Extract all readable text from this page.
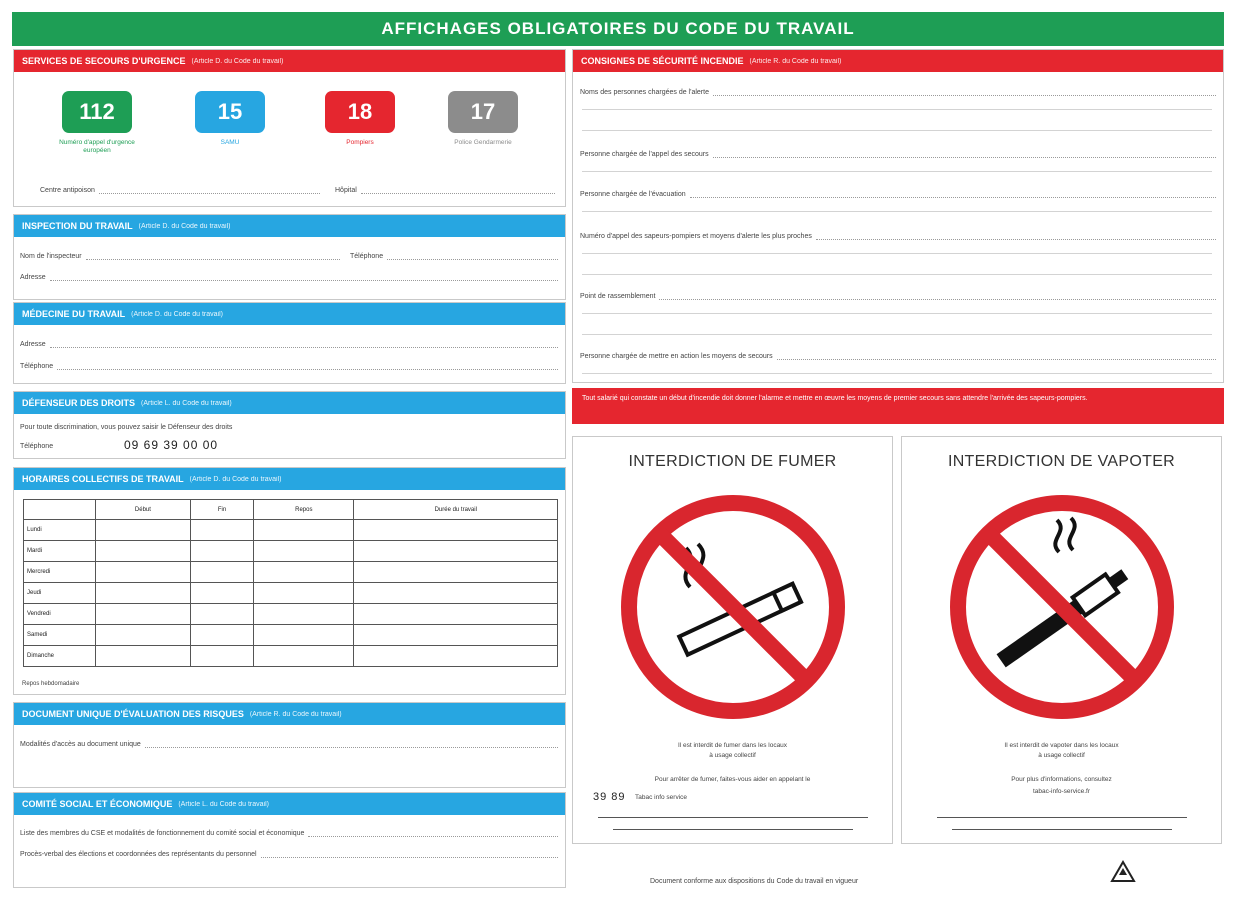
AFFICHAGES OBLIGATOIRES DU CODE DU TRAVAIL
SERVICES DE SECOURS D'URGENCE (Article D. du Code du travail)
112
Numéro d'appel d'urgence européen
15
SAMU
18
Pompiers
17
Police Gendarmerie
Centre antipoison	Hôpital
INSPECTION DU TRAVAIL (Article D. du Code du travail)
Nom de l'inspecteur	Téléphone
Adresse
MÉDECINE DU TRAVAIL (Article D. du Code du travail)
Adresse
Téléphone
DÉFENSEUR DES DROITS (Article L. du Code du travail)
Pour toute discrimination, vous pouvez saisir le Défenseur des droits
Téléphone	09 69 39 00 00
HORAIRES COLLECTIFS DE TRAVAIL (Article D. du Code du travail)
	Début	Fin	Repos	Durée du travail
Lundi				
Mardi				
Mercredi				
Jeudi				
Vendredi				
Samedi				
Dimanche				
Repos hebdomadaire
DOCUMENT UNIQUE D'ÉVALUATION DES RISQUES (Article R. du Code du travail)
Modalités d'accès au document unique
COMITÉ SOCIAL ET ÉCONOMIQUE (Article L. du Code du travail)
Liste des membres du CSE et modalités de fonctionnement du comité social et économique
Procès-verbal des élections et coordonnées des représentants du personnel
CONSIGNES DE SÉCURITÉ INCENDIE (Article R. du Code du travail)
Noms des personnes chargées de l'alerte
Personne chargée de l'appel des secours
Personne chargée de l'évacuation
Numéro d'appel des sapeurs-pompiers et moyens d'alerte les plus proches
Point de rassemblement
Personne chargée de mettre en action les moyens de secours
Tout salarié qui constate un début d'incendie doit donner l'alarme et mettre en œuvre les moyens de premier secours sans attendre l'arrivée des sapeurs-pompiers.
INTERDICTION DE FUMER
Il est interdit de fumer dans les locaux
à usage collectif
Pour arrêter de fumer, faites-vous aider en appelant le
39 89 Tabac info service
INTERDICTION DE VAPOTER
Il est interdit de vapoter dans les locaux
à usage collectif
Pour plus d'informations, consultez
tabac-info-service.fr
Document conforme aux dispositions du Code du travail en vigueur
